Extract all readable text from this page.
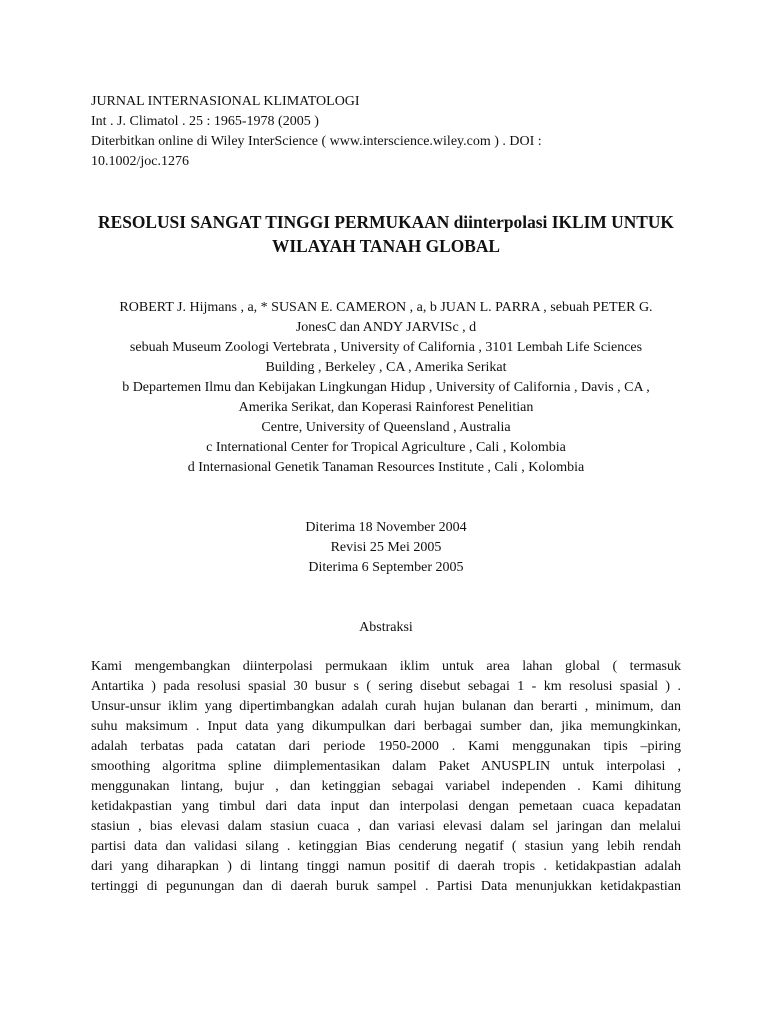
JURNAL INTERNASIONAL KLIMATOLOGI
Int . J. Climatol . 25 : 1965-1978 (2005 )
Diterbitkan online di Wiley InterScience ( www.interscience.wiley.com ) . DOI :
10.1002/joc.1276
RESOLUSI SANGAT TINGGI PERMUKAAN diinterpolasi IKLIM UNTUK
WILAYAH TANAH GLOBAL
ROBERT J. Hijmans , a, * SUSAN E. CAMERON , a, b JUAN L. PARRA , sebuah PETER G.
JonesC dan ANDY JARVISc , d
sebuah Museum Zoologi Vertebrata , University of California , 3101 Lembah Life Sciences
Building , Berkeley , CA , Amerika Serikat
b Departemen Ilmu dan Kebijakan Lingkungan Hidup , University of California , Davis , CA ,
Amerika Serikat, dan Koperasi Rainforest Penelitian
Centre, University of Queensland , Australia
c International Center for Tropical Agriculture , Cali , Kolombia
d Internasional Genetik Tanaman Resources Institute , Cali , Kolombia
Diterima 18 November 2004
Revisi 25 Mei 2005
Diterima 6 September 2005
Abstraksi
Kami mengembangkan diinterpolasi permukaan iklim untuk area lahan global ( termasuk
Antartika ) pada resolusi spasial 30 busur s ( sering disebut sebagai 1 - km resolusi spasial ) .
Unsur-unsur iklim yang dipertimbangkan adalah curah hujan bulanan dan berarti , minimum, dan
suhu maksimum . Input data yang dikumpulkan dari berbagai sumber dan, jika memungkinkan,
adalah terbatas pada catatan dari periode 1950-2000 . Kami menggunakan tipis –piring
smoothing algoritma spline diimplementasikan dalam Paket ANUSPLIN untuk interpolasi ,
menggunakan lintang, bujur , dan ketinggian sebagai variabel independen . Kami dihitung
ketidakpastian yang timbul dari data input dan interpolasi dengan pemetaan cuaca kepadatan
stasiun , bias elevasi dalam stasiun cuaca , dan variasi elevasi dalam sel jaringan dan melalui
partisi data dan validasi silang . ketinggian Bias cenderung negatif ( stasiun yang lebih rendah
dari yang diharapkan ) di lintang tinggi namun positif di daerah tropis . ketidakpastian adalah
tertinggi di pegunungan dan di daerah buruk sampel . Partisi Data menunjukkan ketidakpastian
